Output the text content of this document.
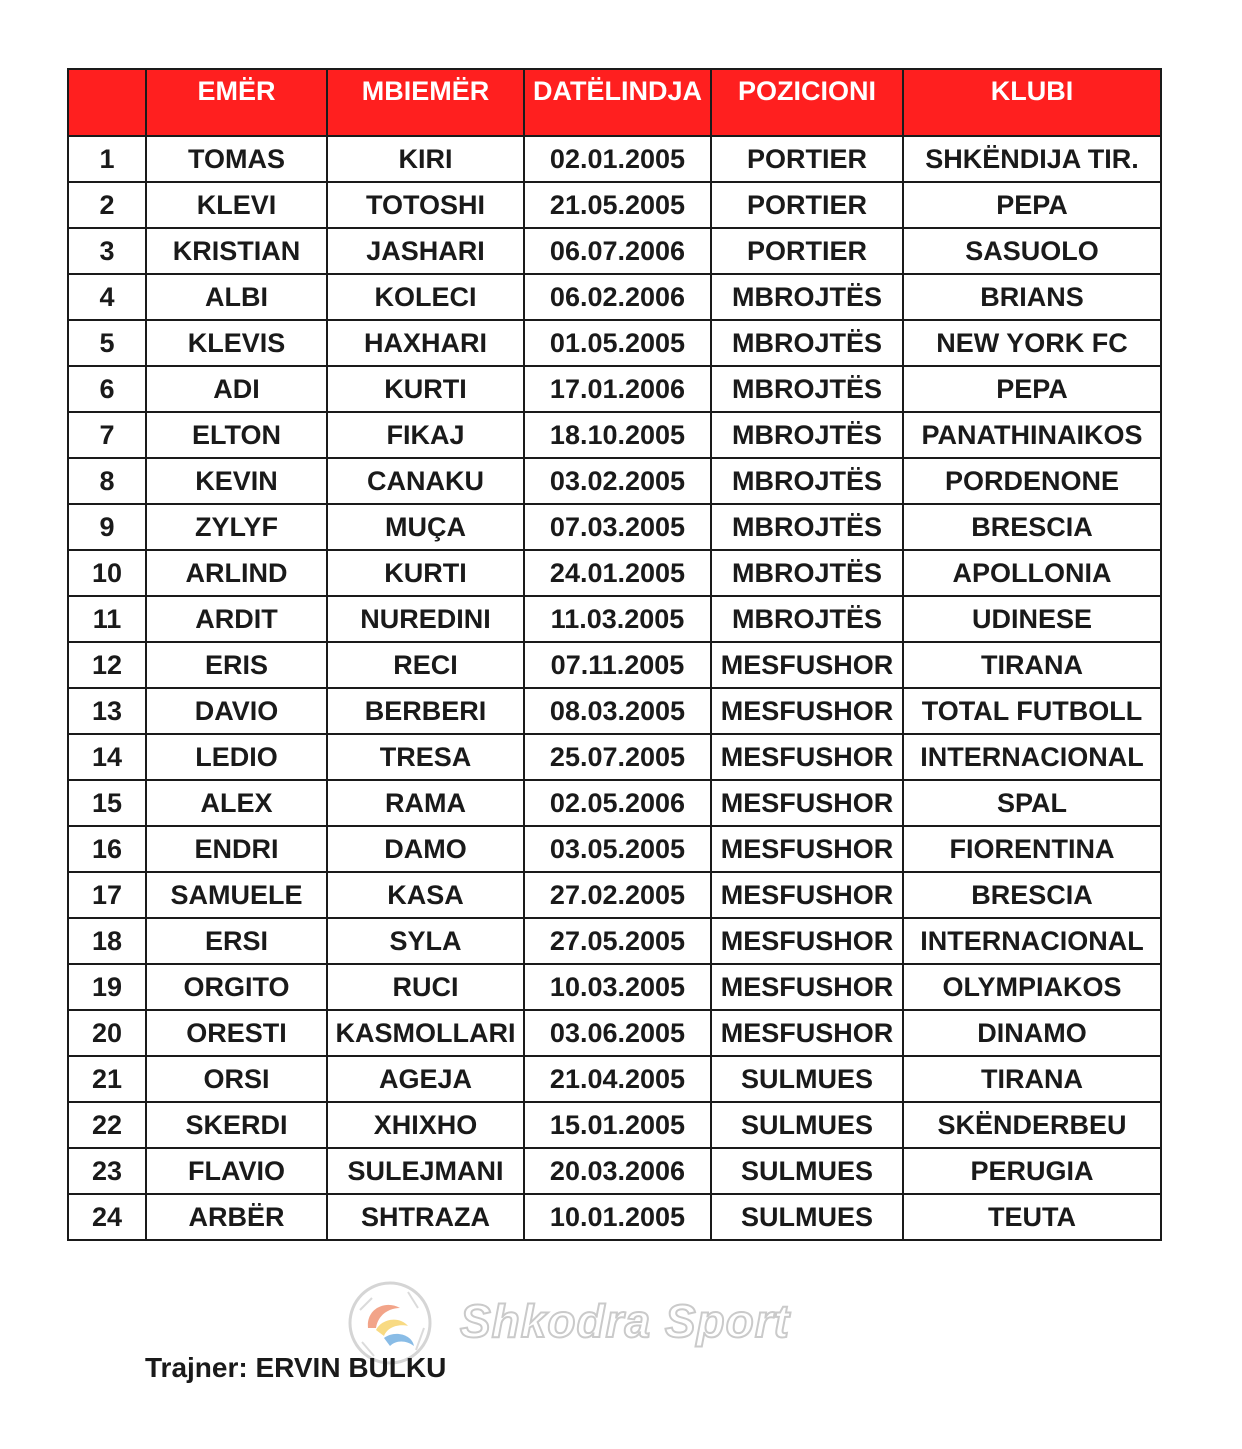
	EMËR	MBIEMËR	DATËLINDJA	POZICIONI	KLUBI
1	TOMAS	KIRI	02.01.2005	PORTIER	SHKËNDIJA TIR.
2	KLEVI	TOTOSHI	21.05.2005	PORTIER	PEPA
3	KRISTIAN	JASHARI	06.07.2006	PORTIER	SASUOLO
4	ALBI	KOLECI	06.02.2006	MBROJTËS	BRIANS
5	KLEVIS	HAXHARI	01.05.2005	MBROJTËS	NEW YORK FC
6	ADI	KURTI	17.01.2006	MBROJTËS	PEPA
7	ELTON	FIKAJ	18.10.2005	MBROJTËS	PANATHINAIKOS
8	KEVIN	CANAKU	03.02.2005	MBROJTËS	PORDENONE
9	ZYLYF	MUÇA	07.03.2005	MBROJTËS	BRESCIA
10	ARLIND	KURTI	24.01.2005	MBROJTËS	APOLLONIA
11	ARDIT	NUREDINI	11.03.2005	MBROJTËS	UDINESE
12	ERIS	RECI	07.11.2005	MESFUSHOR	TIRANA
13	DAVIO	BERBERI	08.03.2005	MESFUSHOR	TOTAL FUTBOLL
14	LEDIO	TRESA	25.07.2005	MESFUSHOR	INTERNACIONAL
15	ALEX	RAMA	02.05.2006	MESFUSHOR	SPAL
16	ENDRI	DAMO	03.05.2005	MESFUSHOR	FIORENTINA
17	SAMUELE	KASA	27.02.2005	MESFUSHOR	BRESCIA
18	ERSI	SYLA	27.05.2005	MESFUSHOR	INTERNACIONAL
19	ORGITO	RUCI	10.03.2005	MESFUSHOR	OLYMPIAKOS
20	ORESTI	KASMOLLARI	03.06.2005	MESFUSHOR	DINAMO
21	ORSI	AGEJA	21.04.2005	SULMUES	TIRANA
22	SKERDI	XHIXHO	15.01.2005	SULMUES	SKËNDERBEU
23	FLAVIO	SULEJMANI	20.03.2006	SULMUES	PERUGIA
24	ARBËR	SHTRAZA	10.01.2005	SULMUES	TEUTA
Shkodra Sport
Trajner: ERVIN BULKU
